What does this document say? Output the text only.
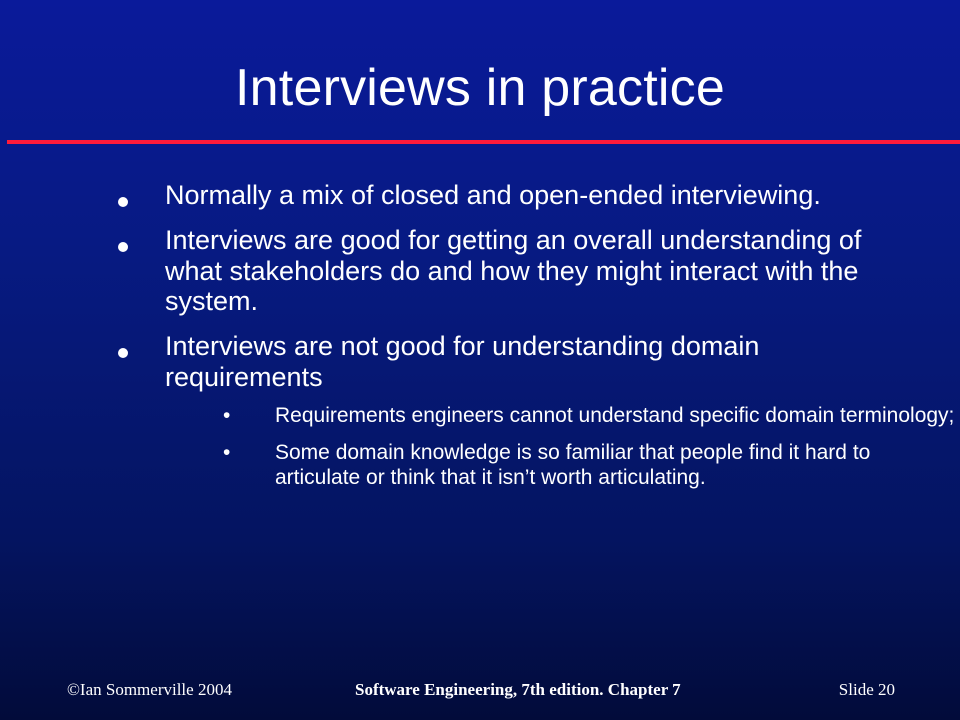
Interviews in practice
Normally a mix of closed and open-ended interviewing.
Interviews are good for getting an overall understanding of what stakeholders do and how they might interact with the system.
Interviews are not good for understanding domain requirements
•	Requirements engineers cannot understand specific domain terminology;
•	Some domain knowledge is so familiar that people find it hard to articulate or think that it isn’t worth articulating.
©Ian Sommerville 2004	Software Engineering, 7th edition. Chapter 7	Slide 20
